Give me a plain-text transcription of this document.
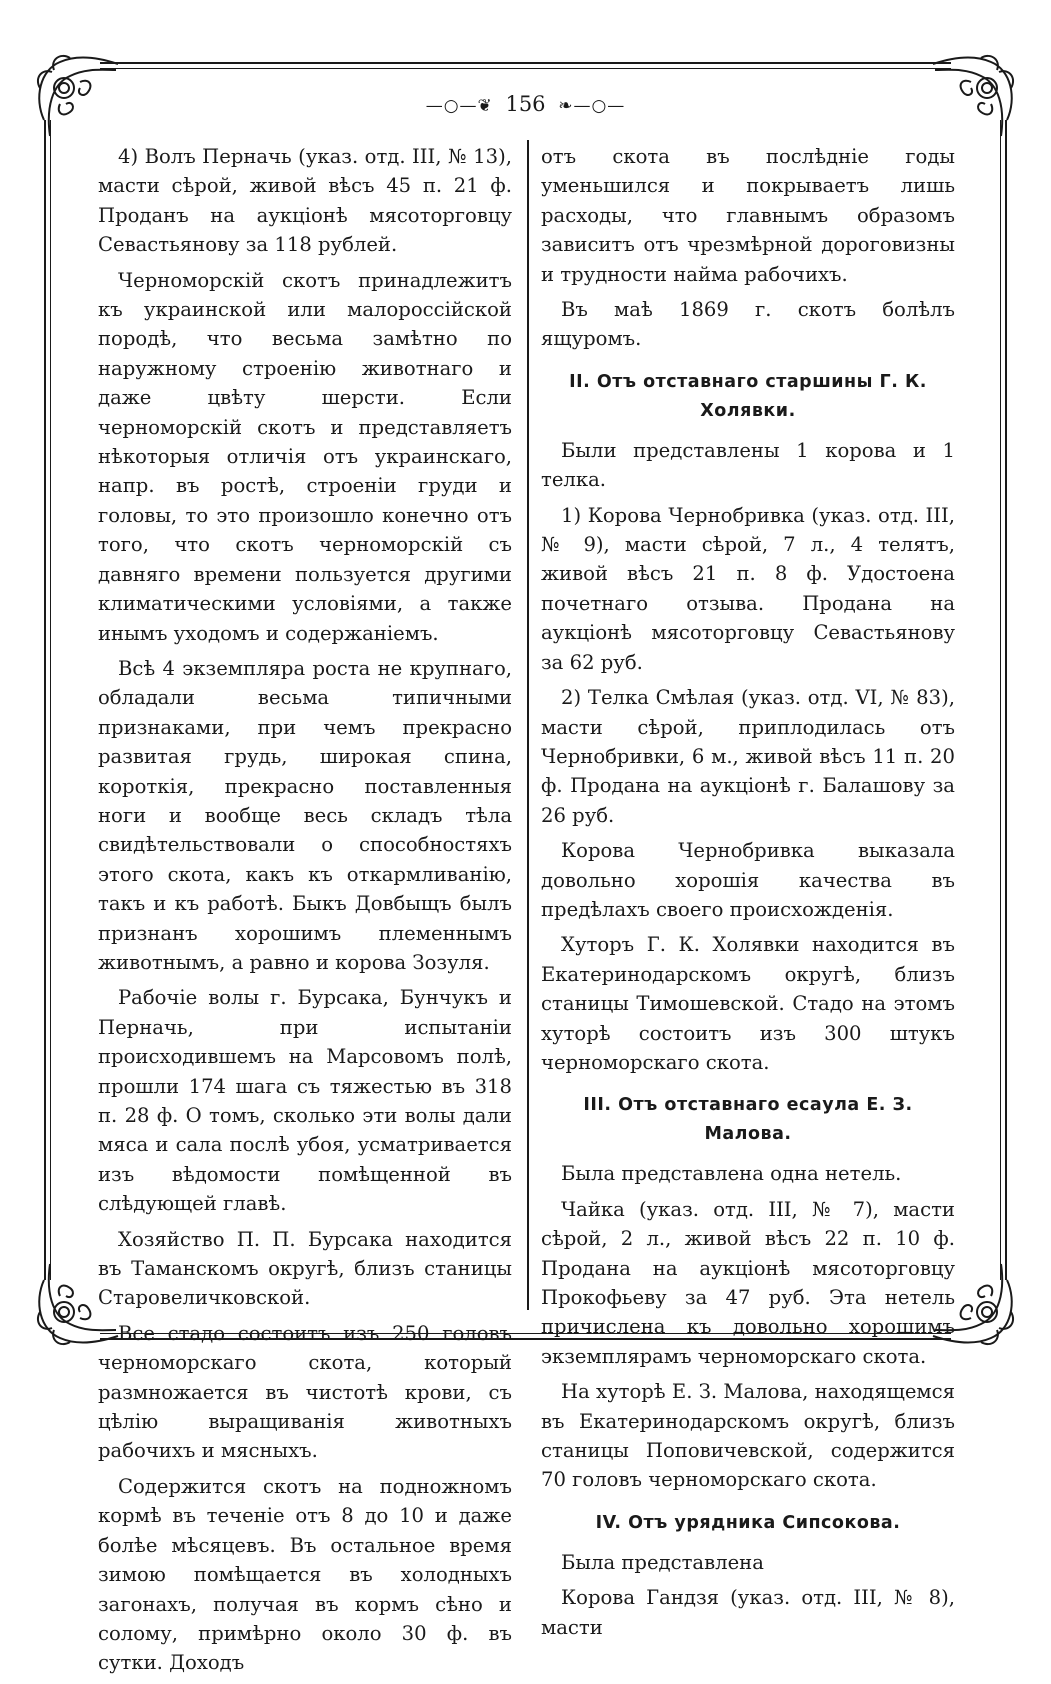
—○—❦ 156 ❧—○—

4) Волъ Перначь (указ. отд. III, № 13), масти сѣрой, живой вѣсъ 45 п. 21 ф. Проданъ на аукціонѣ мясоторговцу Севастьянову за 118 рублей.

Черноморскій скотъ принадлежитъ къ украинской или малороссійской породѣ, что весьма замѣтно по наружному строенію животнаго и даже цвѣту шерсти. Если черноморскій скотъ и представляетъ нѣкоторыя отличія отъ украинскаго, напр. въ ростѣ, строеніи груди и головы, то это произошло конечно отъ того, что скотъ черноморскій съ давняго времени пользуется другими климатическими условіями, а также инымъ уходомъ и содержаніемъ.

Всѣ 4 экземпляра роста не крупнаго, обладали весьма типичными признаками, при чемъ прекрасно развитая грудь, широкая спина, короткія, прекрасно поставленныя ноги и вообще весь складъ тѣла свидѣтельствовали о способностяхъ этого скота, какъ къ откармливанію, такъ и къ работѣ. Быкъ Довбыщъ былъ признанъ хорошимъ племеннымъ животнымъ, а равно и корова Зозуля.

Рабочіе волы г. Бурсака, Бунчукъ и Перначь, при испытаніи происходившемъ на Марсовомъ полѣ, прошли 174 шага съ тяжестью въ 318 п. 28 ф. О томъ, сколько эти волы дали мяса и сала послѣ убоя, усматривается изъ вѣдомости помѣщенной въ слѣдующей главѣ.

Хозяйство П. П. Бурсака находится въ Таманскомъ округѣ, близъ станицы Старовеличковской.

Все стадо состоитъ изъ 250 головъ черноморскаго скота, который размножается въ чистотѣ крови, съ цѣлію выращиванія животныхъ рабочихъ и мясныхъ.

Содержится скотъ на подножномъ кормѣ въ теченіе отъ 8 до 10 и даже болѣе мѣсяцевъ. Въ остальное время зимою помѣщается въ холодныхъ загонахъ, получая въ кормъ сѣно и солому, примѣрно около 30 ф. въ сутки. Доходъ

отъ скота въ послѣдніе годы уменьшился и покрываетъ лишь расходы, что главнымъ образомъ зависитъ отъ чрезмѣрной дороговизны и трудности найма рабочихъ.

Въ маѣ 1869 г. скотъ болѣлъ ящуромъ.

II. Отъ отставнаго старшины Г. К. Холявки.

Были представлены 1 корова и 1 телка.

1) Корова Чернобривка (указ. отд. III, № 9), масти сѣрой, 7 л., 4 телятъ, живой вѣсъ 21 п. 8 ф. Удостоена почетнаго отзыва. Продана на аукціонѣ мясоторговцу Севастьянову за 62 руб.

2) Телка Смѣлая (указ. отд. VI, № 83), масти сѣрой, приплодилась отъ Чернобривки, 6 м., живой вѣсъ 11 п. 20 ф. Продана на аукціонѣ г. Балашову за 26 руб.

Корова Чернобривка выказала довольно хорошія качества въ предѣлахъ своего происхожденія.

Хуторъ Г. К. Холявки находится въ Екатеринодарскомъ округѣ, близъ станицы Тимошевской. Стадо на этомъ хуторѣ состоитъ изъ 300 штукъ черноморскаго скота.

III. Отъ отставнаго есаула Е. З. Малова.

Была представлена одна нетель.

Чайка (указ. отд. III, № 7), масти сѣрой, 2 л., живой вѣсъ 22 п. 10 ф. Продана на аукціонѣ мясоторговцу Прокофьеву за 47 руб. Эта нетель причислена къ довольно хорошимъ экземплярамъ черноморскаго скота.

На хуторѣ Е. З. Малова, находящемся въ Екатеринодарскомъ округѣ, близъ станицы Поповичевской, содержится 70 головъ черноморскаго скота.

IV. Отъ урядника Сипсокова.

Была представлена

Корова Гандзя (указ. отд. III, № 8), масти
